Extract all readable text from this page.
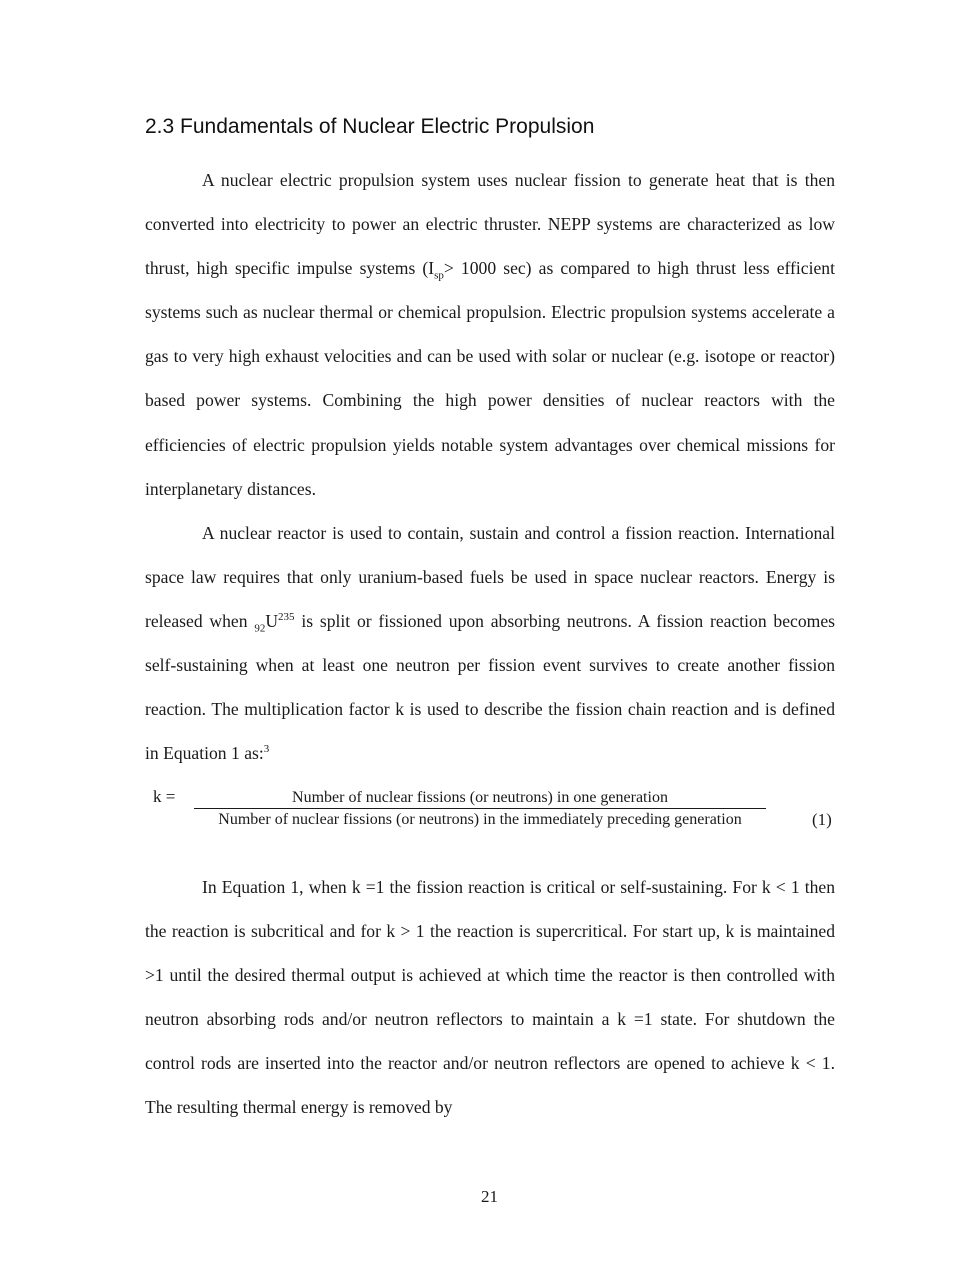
2.3 Fundamentals of Nuclear Electric Propulsion

A nuclear electric propulsion system uses nuclear fission to generate heat that is then converted into electricity to power an electric thruster. NEPP systems are characterized as low thrust, high specific impulse systems ($I_{sp}> 1000$ sec) as compared to high thrust less efficient systems such as nuclear thermal or chemical propulsion. Electric propulsion systems accelerate a gas to very high exhaust velocities and can be used with solar or nuclear (e.g. isotope or reactor) based power systems. Combining the high power densities of nuclear reactors with the efficiencies of electric propulsion yields notable system advantages over chemical missions for interplanetary distances.

A nuclear reactor is used to contain, sustain and control a fission reaction. International space law requires that only uranium-based fuels be used in space nuclear reactors. Energy is released when $_{92}U^{235}$ is split or fissioned upon absorbing neutrons. A fission reaction becomes self-sustaining when at least one neutron per fission event survives to create another fission reaction. The multiplication factor k is used to describe the fission chain reaction and is defined in Equation 1 as:$^3$

k =	Number of nuclear fissions (or neutrons) in one generation
Number of nuclear fissions (or neutrons) in the immediately preceding generation	(1)

In Equation 1, when k =1 the fission reaction is critical or self-sustaining. For k < 1 then the reaction is subcritical and for k > 1 the reaction is supercritical. For start up, k is maintained >1 until the desired thermal output is achieved at which time the reactor is then controlled with neutron absorbing rods and/or neutron reflectors to maintain a k =1 state. For shutdown the control rods are inserted into the reactor and/or neutron reflectors are opened to achieve k < 1. The resulting thermal energy is removed by

21
